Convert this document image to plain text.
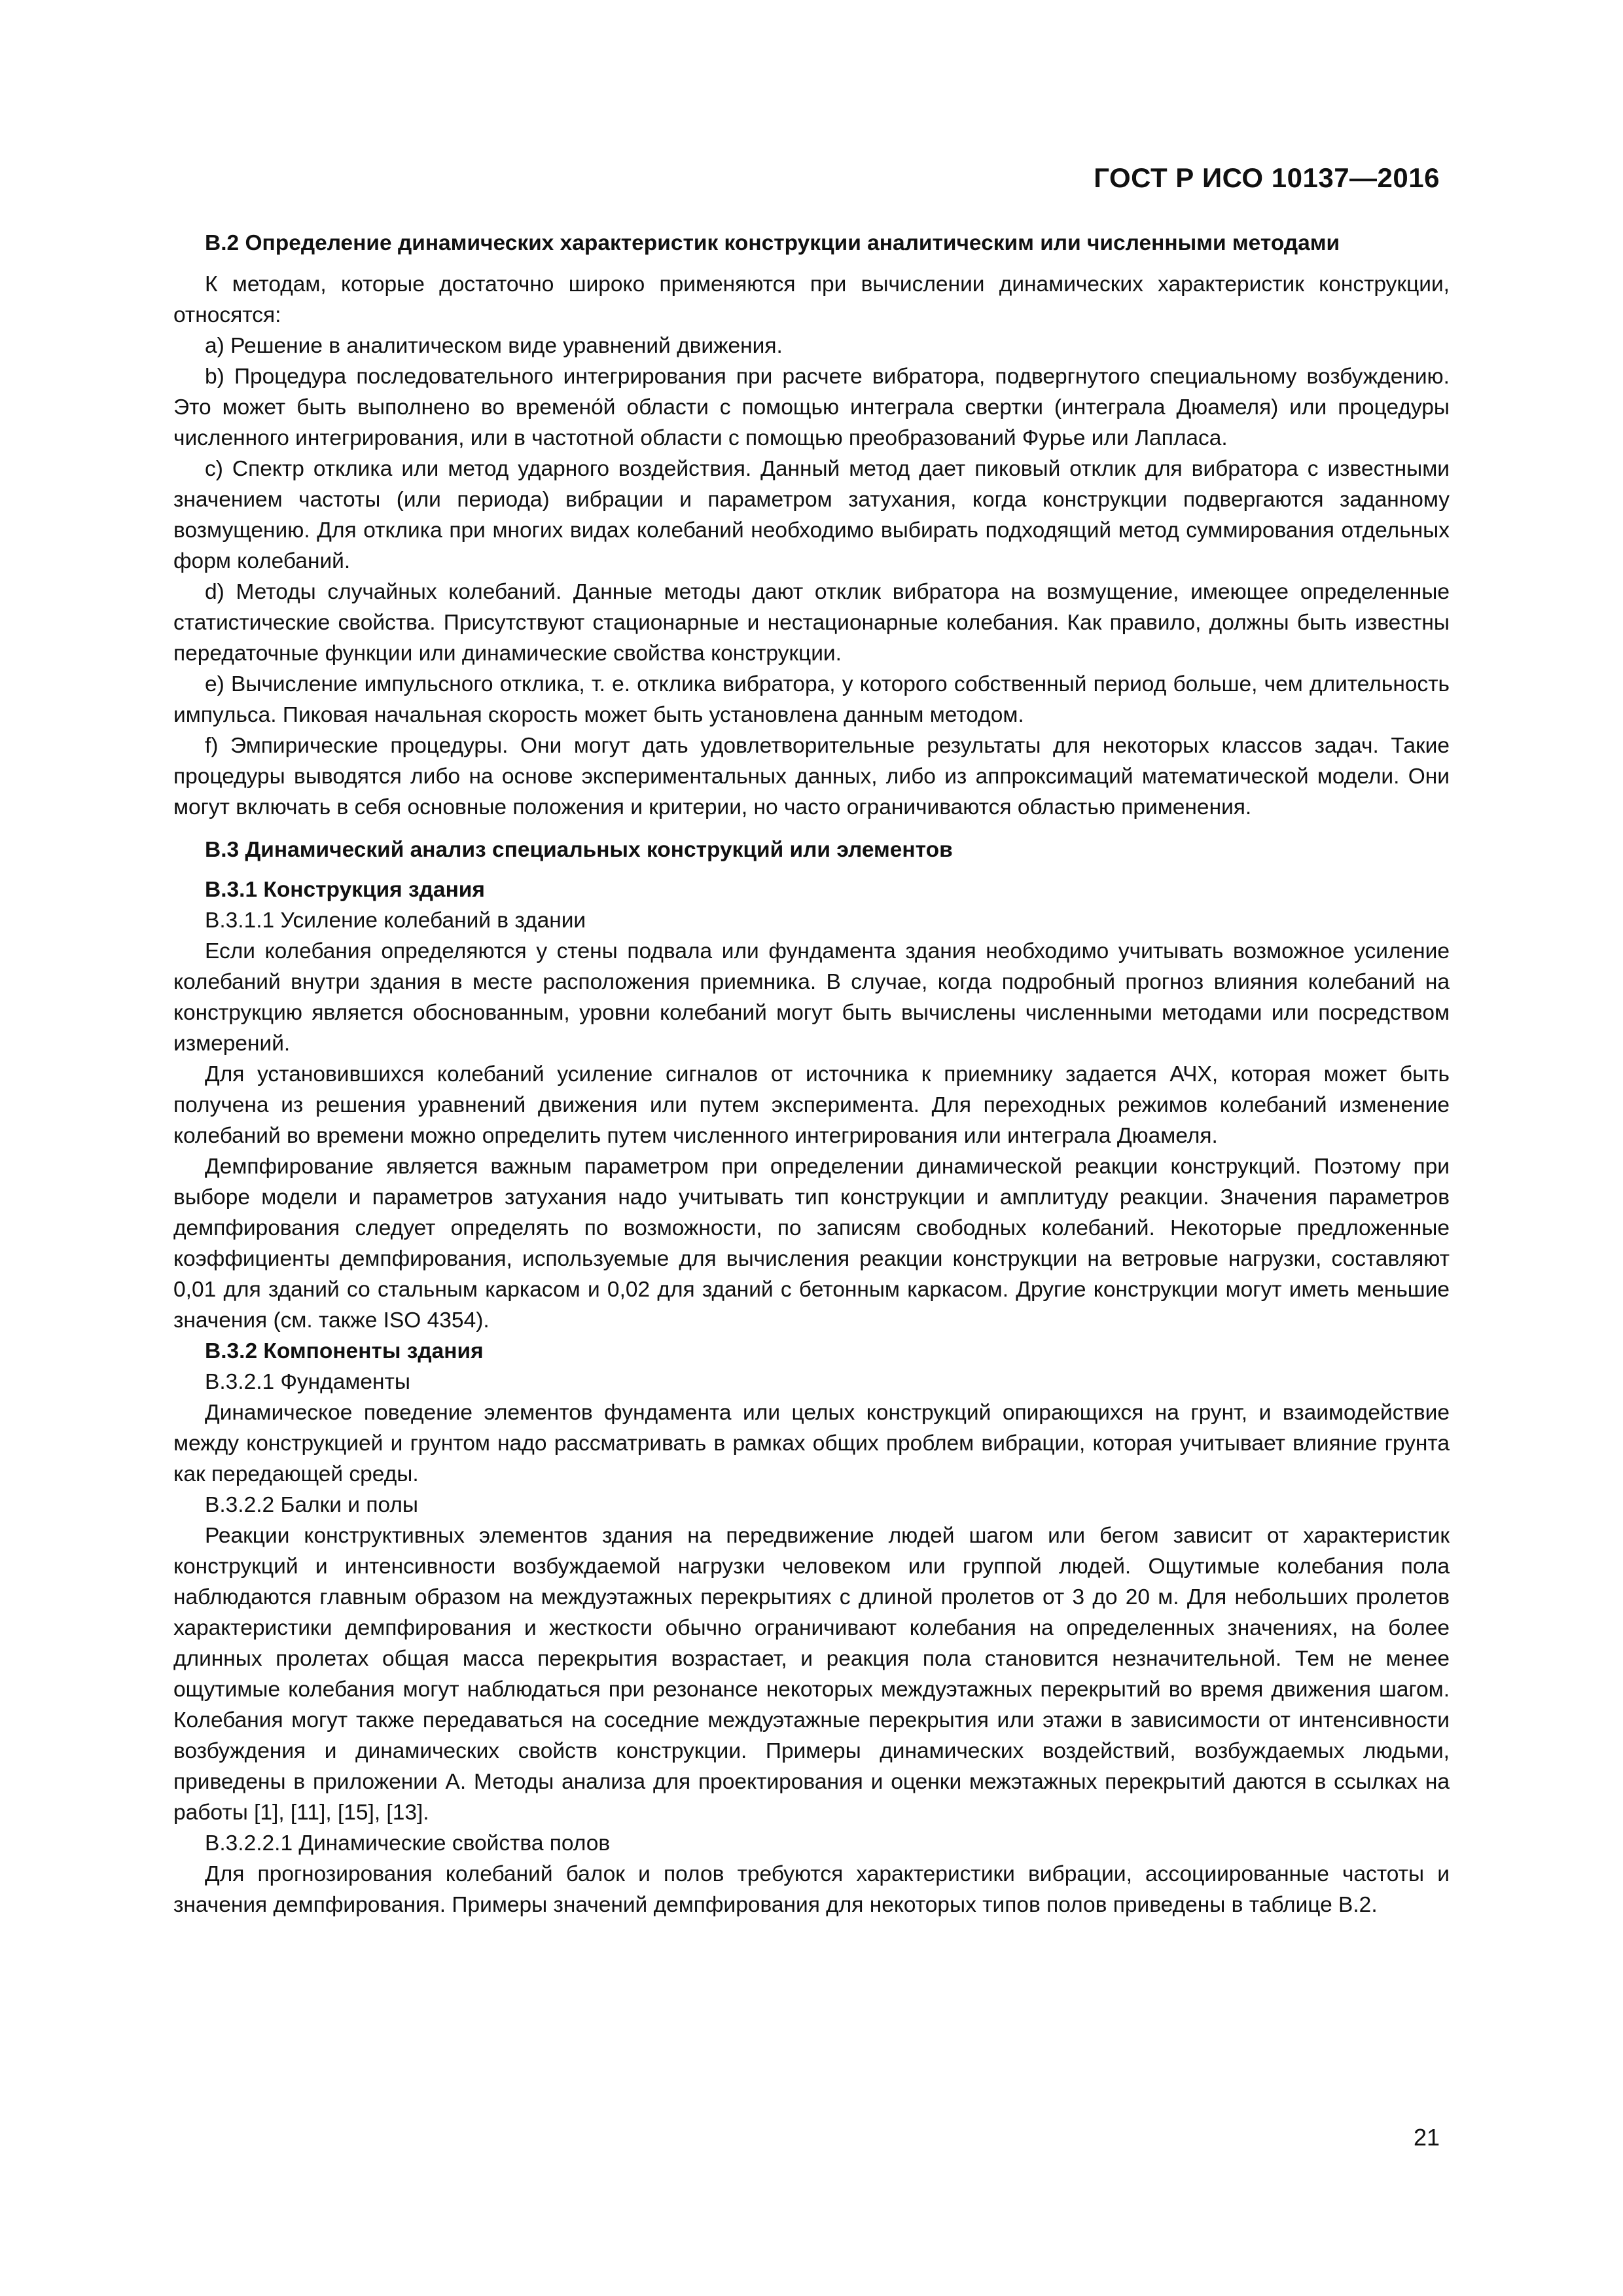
ГОСТ Р ИСО 10137—2016

B.2 Определение динамических характеристик конструкции аналитическим или численными методами

К методам, которые достаточно широко применяются при вычислении динамических характеристик конструкции, относятся:

а) Решение в аналитическом виде уравнений движения.

b) Процедура последовательного интегрирования при расчете вибратора, подвергнутого специальному возбуждению. Это может быть выполнено во времено́й области с помощью интеграла свертки (интеграла Дюамеля) или процедуры численного интегрирования, или в частотной области с помощью преобразований Фурье или Лапласа.

с) Спектр отклика или метод ударного воздействия. Данный метод дает пиковый отклик для вибратора с известными значением частоты (или периода) вибрации и параметром затухания, когда конструкции подвергаются заданному возмущению. Для отклика при многих видах колебаний необходимо выбирать подходящий метод суммирования отдельных форм колебаний.

d) Методы случайных колебаний. Данные методы дают отклик вибратора на возмущение, имеющее определенные статистические свойства. Присутствуют стационарные и нестационарные колебания. Как правило, должны быть известны передаточные функции или динамические свойства конструкции.

е) Вычисление импульсного отклика, т. е. отклика вибратора, у которого собственный период больше, чем длительность импульса. Пиковая начальная скорость может быть установлена данным методом.

f) Эмпирические процедуры. Они могут дать удовлетворительные результаты для некоторых классов задач. Такие процедуры выводятся либо на основе экспериментальных данных, либо из аппроксимаций математической модели. Они могут включать в себя основные положения и критерии, но часто ограничиваются областью применения.

B.3 Динамический анализ специальных конструкций или элементов

B.3.1 Конструкция здания

B.3.1.1 Усиление колебаний в здании

Если колебания определяются у стены подвала или фундамента здания необходимо учитывать возможное усиление колебаний внутри здания в месте расположения приемника. В случае, когда подробный прогноз влияния колебаний на конструкцию является обоснованным, уровни колебаний могут быть вычислены численными методами или посредством измерений.

Для установившихся колебаний усиление сигналов от источника к приемнику задается АЧХ, которая может быть получена из решения уравнений движения или путем эксперимента. Для переходных режимов колебаний изменение колебаний во времени можно определить путем численного интегрирования или интеграла Дюамеля.

Демпфирование является важным параметром при определении динамической реакции конструкций. Поэтому при выборе модели и параметров затухания надо учитывать тип конструкции и амплитуду реакции. Значения параметров демпфирования следует определять по возможности, по записям свободных колебаний. Некоторые предложенные коэффициенты демпфирования, используемые для вычисления реакции конструкции на ветровые нагрузки, составляют 0,01 для зданий со стальным каркасом и 0,02 для зданий с бетонным каркасом. Другие конструкции могут иметь меньшие значения (см. также ISO 4354).

B.3.2 Компоненты здания

B.3.2.1 Фундаменты

Динамическое поведение элементов фундамента или целых конструкций опирающихся на грунт, и взаимодействие между конструкцией и грунтом надо рассматривать в рамках общих проблем вибрации, которая учитывает влияние грунта как передающей среды.

B.3.2.2 Балки и полы

Реакции конструктивных элементов здания на передвижение людей шагом или бегом зависит от характеристик конструкций и интенсивности возбуждаемой нагрузки человеком или группой людей. Ощутимые колебания пола наблюдаются главным образом на междуэтажных перекрытиях с длиной пролетов от 3 до 20 м. Для небольших пролетов характеристики демпфирования и жесткости обычно ограничивают колебания на определенных значениях, на более длинных пролетах общая масса перекрытия возрастает, и реакция пола становится незначительной. Тем не менее ощутимые колебания могут наблюдаться при резонансе некоторых междуэтажных перекрытий во время движения шагом. Колебания могут также передаваться на соседние междуэтажные перекрытия или этажи в зависимости от интенсивности возбуждения и динамических свойств конструкции. Примеры динамических воздействий, возбуждаемых людьми, приведены в приложении А. Методы анализа для проектирования и оценки межэтажных перекрытий даются в ссылках на работы [1], [11], [15], [13].

B.3.2.2.1 Динамические свойства полов

Для прогнозирования колебаний балок и полов требуются характеристики вибрации, ассоциированные частоты и значения демпфирования. Примеры значений демпфирования для некоторых типов полов приведены в таблице В.2.

21
